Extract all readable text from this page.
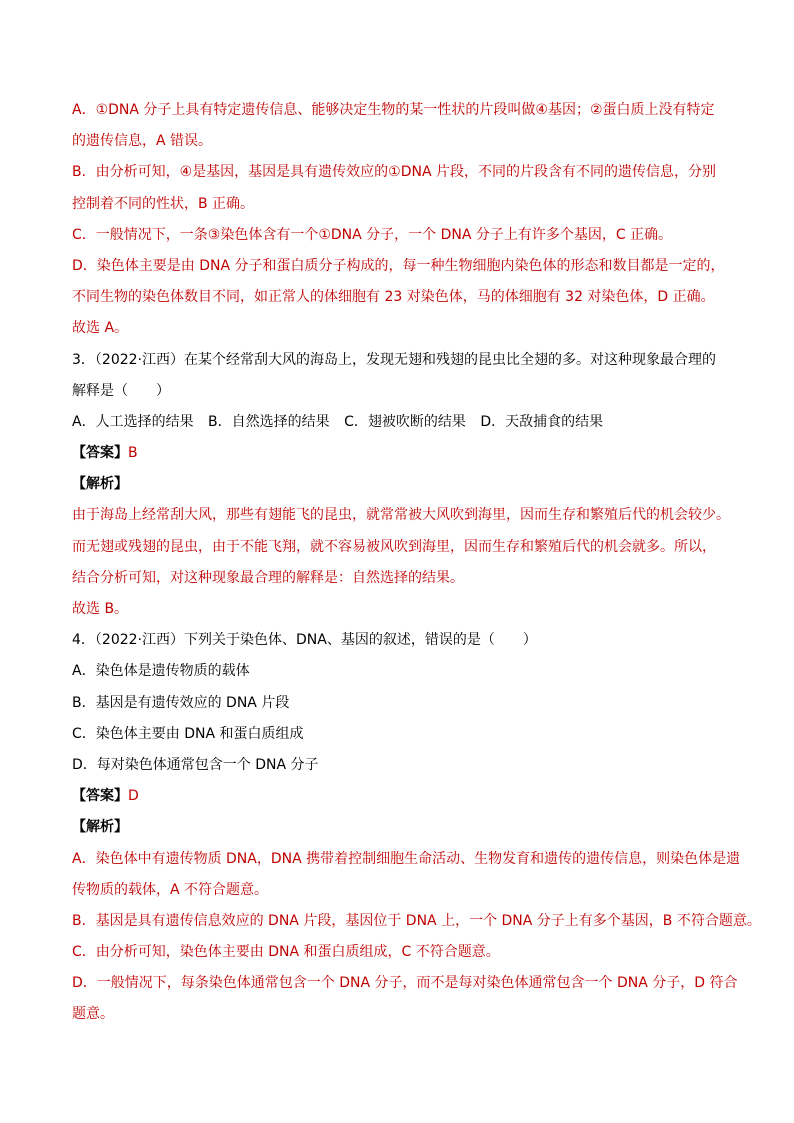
A．①DNA 分子上具有特定遗传信息、能够决定生物的某一性状的片段叫做④基因；②蛋白质上没有特定
的遗传信息，A 错误。
B．由分析可知，④是基因，基因是具有遗传效应的①DNA 片段，不同的片段含有不同的遗传信息，分别
控制着不同的性状，B 正确。
C．一般情况下，一条③染色体含有一个①DNA 分子，一个 DNA 分子上有许多个基因，C 正确。
D．染色体主要是由 DNA 分子和蛋白质分子构成的，每一种生物细胞内染色体的形态和数目都是一定的，
不同生物的染色体数目不同，如正常人的体细胞有 23 对染色体，马的体细胞有 32 对染色体，D 正确。
故选 A。
3．（2022·江西）在某个经常刮大风的海岛上，发现无翅和残翅的昆虫比全翅的多。对这种现象最合理的
解释是（　　）
A．人工选择的结果 B．自然选择的结果 C．翅被吹断的结果 D．天敌捕食的结果
【答案】B
【解析】
由于海岛上经常刮大风，那些有翅能飞的昆虫，就常常被大风吹到海里，因而生存和繁殖后代的机会较少。
而无翅或残翅的昆虫，由于不能飞翔，就不容易被风吹到海里，因而生存和繁殖后代的机会就多。所以，
结合分析可知，对这种现象最合理的解释是：自然选择的结果。
故选 B。
4．（2022·江西）下列关于染色体、DNA、基因的叙述，错误的是（　　）
A．染色体是遗传物质的载体
B．基因是有遗传效应的 DNA 片段
C．染色体主要由 DNA 和蛋白质组成
D．每对染色体通常包含一个 DNA 分子
【答案】D
【解析】
A．染色体中有遗传物质 DNA，DNA 携带着控制细胞生命活动、生物发育和遗传的遗传信息，则染色体是遗
传物质的载体，A 不符合题意。
B．基因是具有遗传信息效应的 DNA 片段，基因位于 DNA 上，一个 DNA 分子上有多个基因，B 不符合题意。
C．由分析可知，染色体主要由 DNA 和蛋白质组成，C 不符合题意。
D．一般情况下，每条染色体通常包含一个 DNA 分子，而不是每对染色体通常包含一个 DNA 分子，D 符合
题意。
